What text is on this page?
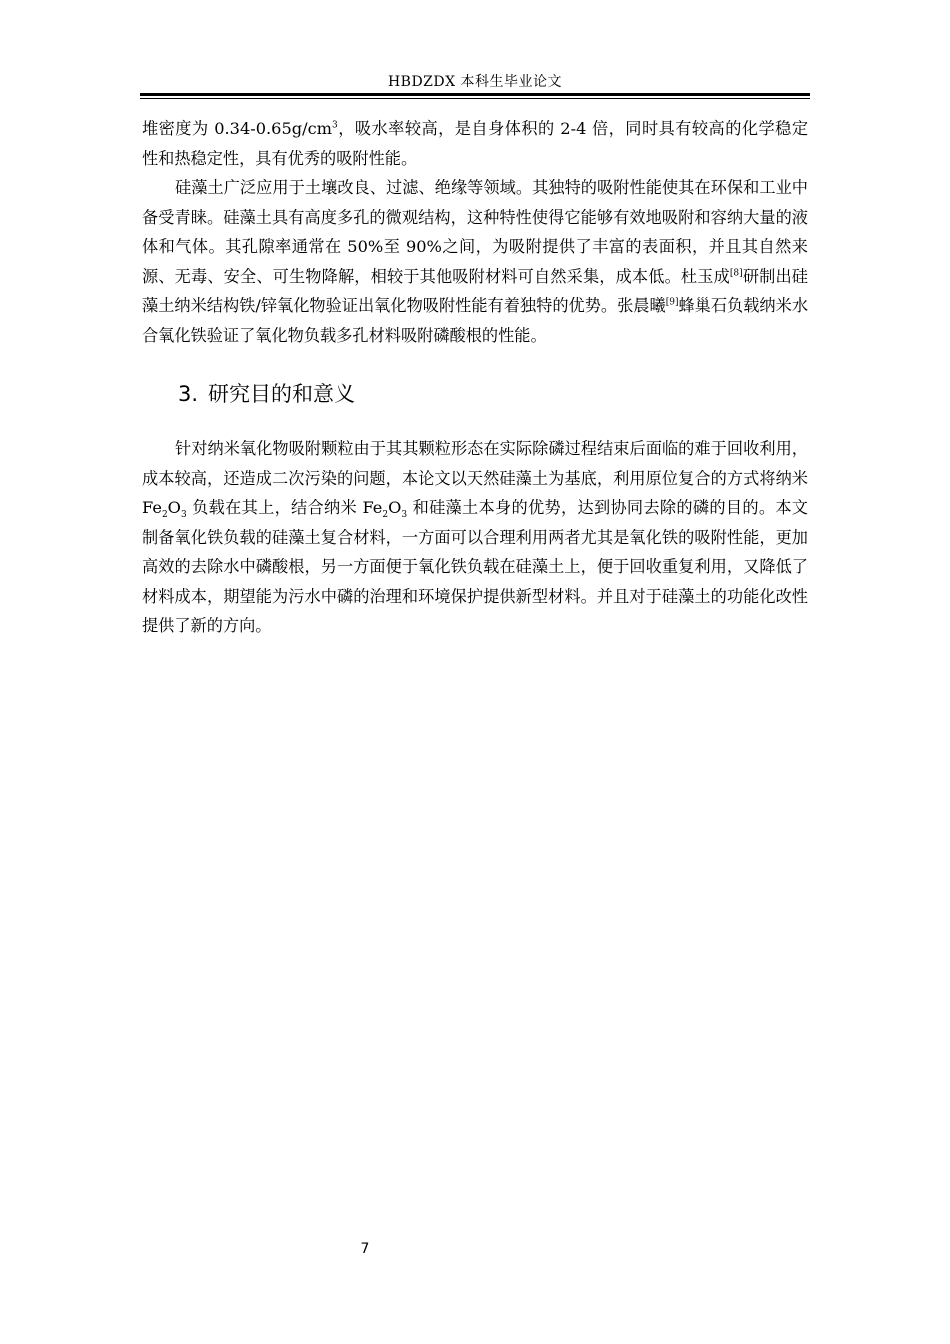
HBDZDX 本科生毕业论文

堆密度为 $0.34-0.65g/cm^3$，吸水率较高，是自身体积的 2-4 倍，同时具有较高的化学稳定性和热稳定性，具有优秀的吸附性能。

硅藻土广泛应用于土壤改良、过滤、绝缘等领域。其独特的吸附性能使其在环保和工业中备受青睐。硅藻土具有高度多孔的微观结构，这种特性使得它能够有效地吸附和容纳大量的液体和气体。其孔隙率通常在 50%至 90%之间，为吸附提供了丰富的表面积，并且其自然来源、无毒、安全、可生物降解，相较于其他吸附材料可自然采集，成本低。杜玉成[8]研制出硅藻土纳米结构铁/锌氧化物验证出氧化物吸附性能有着独特的优势。张晨曦[9]蜂巢石负载纳米水合氧化铁验证了氧化物负载多孔材料吸附磷酸根的性能。

3. 研究目的和意义

针对纳米氧化物吸附颗粒由于其其颗粒形态在实际除磷过程结束后面临的难于回收利用，成本较高，还造成二次污染的问题，本论文以天然硅藻土为基底，利用原位复合的方式将纳米 $Fe_2O_3$ 负载在其上，结合纳米 $Fe_2O_3$ 和硅藻土本身的优势，达到协同去除的磷的目的。本文制备氧化铁负载的硅藻土复合材料，一方面可以合理利用两者尤其是氧化铁的吸附性能，更加高效的去除水中磷酸根，另一方面便于氧化铁负载在硅藻土上，便于回收重复利用，又降低了材料成本，期望能为污水中磷的治理和环境保护提供新型材料。并且对于硅藻土的功能化改性提供了新的方向。

7
